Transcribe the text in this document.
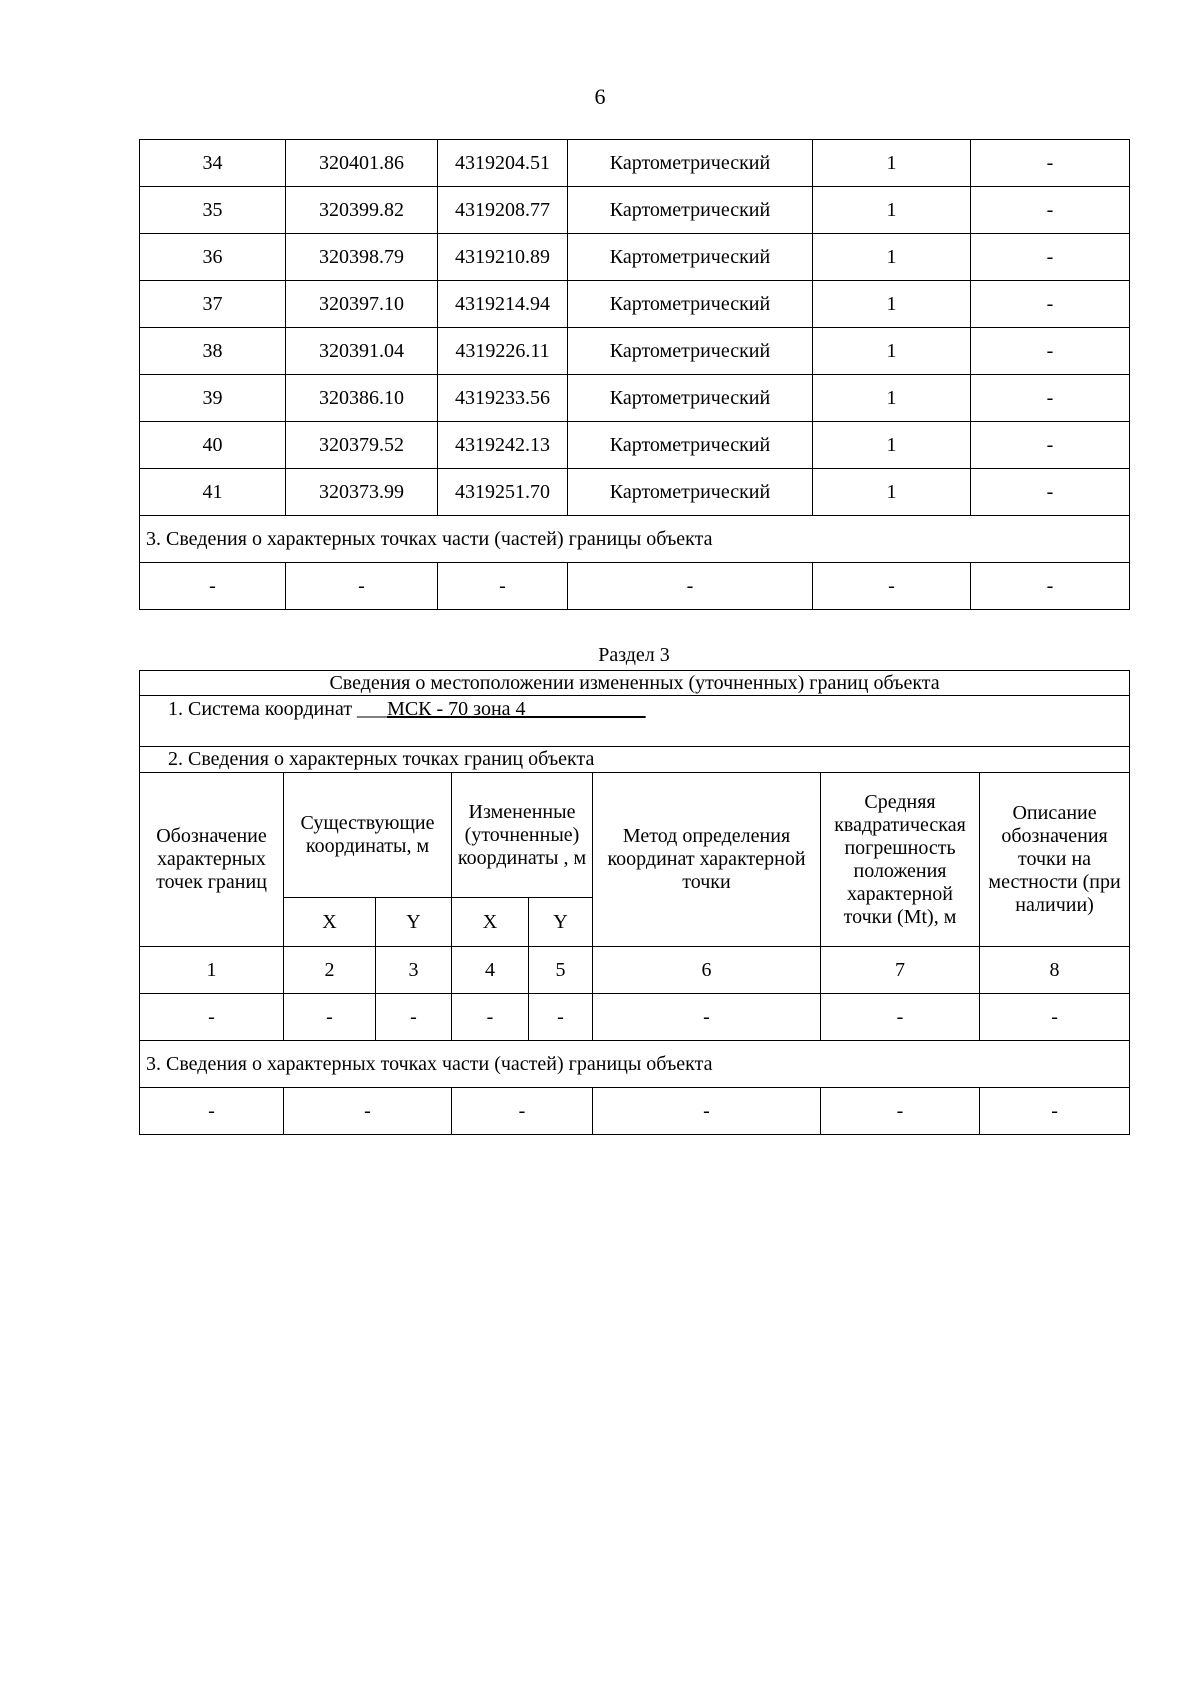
6
34	320401.86	4319204.51	Картометрический	1	-
35	320399.82	4319208.77	Картометрический	1	-
36	320398.79	4319210.89	Картометрический	1	-
37	320397.10	4319214.94	Картометрический	1	-
38	320391.04	4319226.11	Картометрический	1	-
39	320386.10	4319233.56	Картометрический	1	-
40	320379.52	4319242.13	Картометрический	1	-
41	320373.99	4319251.70	Картометрический	1	-
3. Сведения о характерных точках части (частей) границы объекта					
-	-	-	-	-	-
Раздел 3
Сведения о местоположении измененных (уточненных) границ объекта							
1. Система координат ___МСК - 70 зона 4____________							
2. Сведения о характерных точках границ объекта							
Обозначение характерных точек границ	Существующие координаты, м		Измененные (уточненные) координаты , м		Метод определения координат характерной точки	Средняя квадратическая погрешность положения характерной точки (Mt), м	Описание обозначения точки на местности (при наличии)
	X	Y	X	Y			
1	2	3	4	5	6	7	8
-	-	-	-	-	-	-	-
3. Сведения о характерных точках части (частей) границы объекта							
-	-		-		-	-	-
